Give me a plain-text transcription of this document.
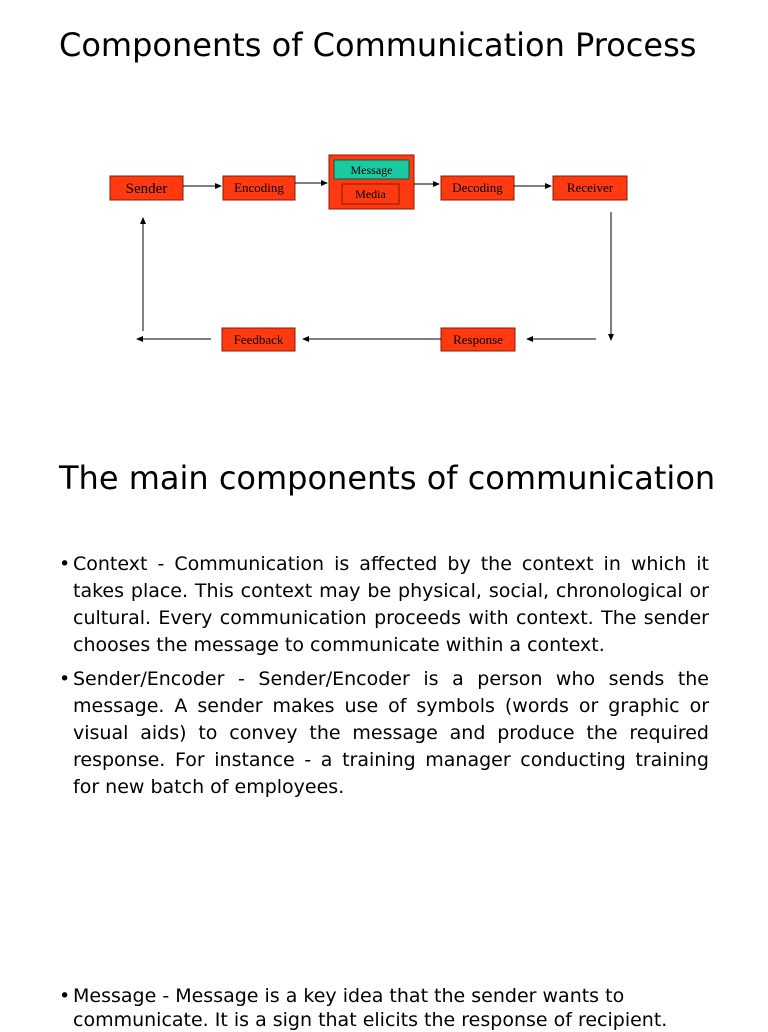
Components of Communication Process
Sender	Encoding
Message
Media	Decoding	Receiver
Response
Feedback
The main components of communication
• Context - Communication is affected by the context in which it takes place. This context may be physical, social, chronological or cultural. Every communication proceeds with context. The sender chooses the message to communicate within a context.
• Sender/Encoder - Sender/Encoder is a person who sends the message. A sender makes use of symbols (words or graphic or visual aids) to convey the message and produce the required response. For instance - a training manager conducting training for new batch of employees.
• Message - Message is a key idea that the sender wants to communicate. It is a sign that elicits the response of recipient.
